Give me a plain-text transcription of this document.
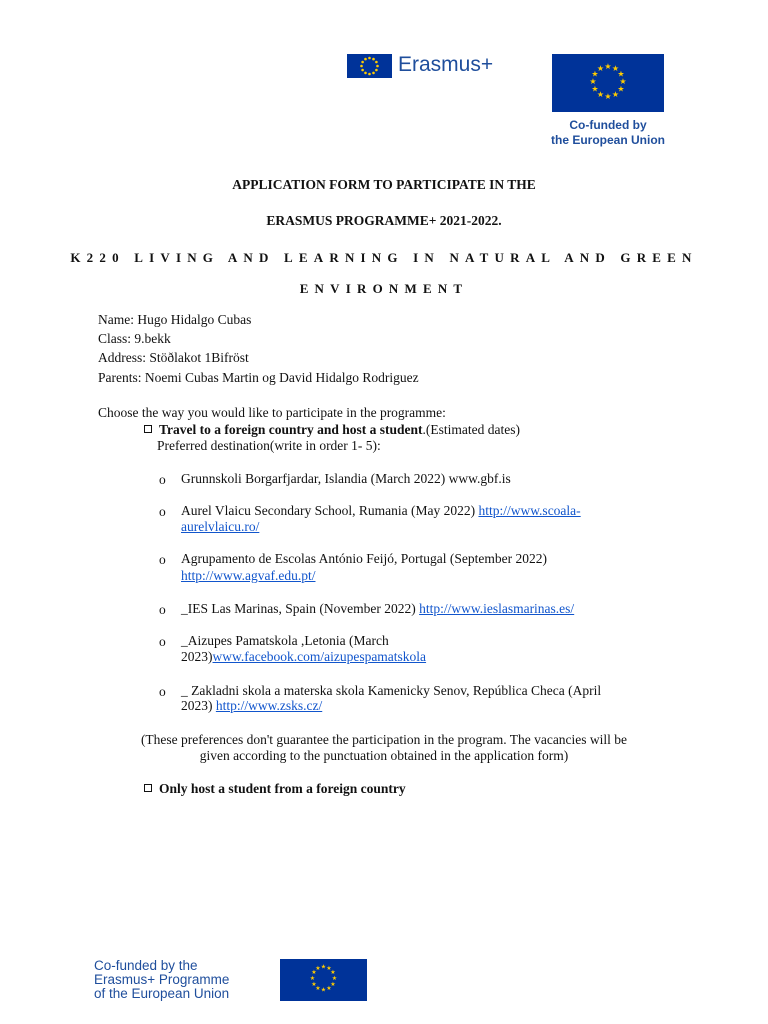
Erasmus+	★ ★
★
★
★
★
★
★
★
★
★
★
Co-funded by
the European Union
APPLICATION FORM TO PARTICIPATE IN THE
ERASMUS PROGRAMME+ 2021-2022.
K220 LIVING AND LEARNING IN NATURAL AND GREEN
ENVIRONMENT
Name: Hugo Hidalgo Cubas
Class: 9.bekk
Address: Stöðlakot 1Bifröst
Parents: Noemi Cubas Martin og David Hidalgo Rodriguez
Choose the way you would like to participate in the programme:
Travel to a foreign country and host a student.(Estimated dates)
Preferred destination(write in order 1- 5):
o Grunnskoli Borgarfjardar, Islandia (March 2022) www.gbf.is
o Aurel Vlaicu Secondary School, Rumania (May 2022) http://www.scoala-
aurelvlaicu.ro/
o Agrupamento de Escolas António Feijó, Portugal (September 2022)
http://www.agvaf.edu.pt/
o _IES Las Marinas, Spain (November 2022) http://www.ieslasmarinas.es/
o _Aizupes Pamatskola ,Letonia (March
2023)www.facebook.com/aizupespamatskola
o _ Zakladni skola a materska skola Kamenicky Senov, República Checa (April
2023) http://www.zsks.cz/
(These preferences don't guarantee the participation in the program. The vacancies will be
given according to the punctuation obtained in the application form)
Only host a student from a foreign country
Co-funded by the
Erasmus+ Programme
of the European Union
★ ★
★
★
★
★
★
★
★
★
★
★
